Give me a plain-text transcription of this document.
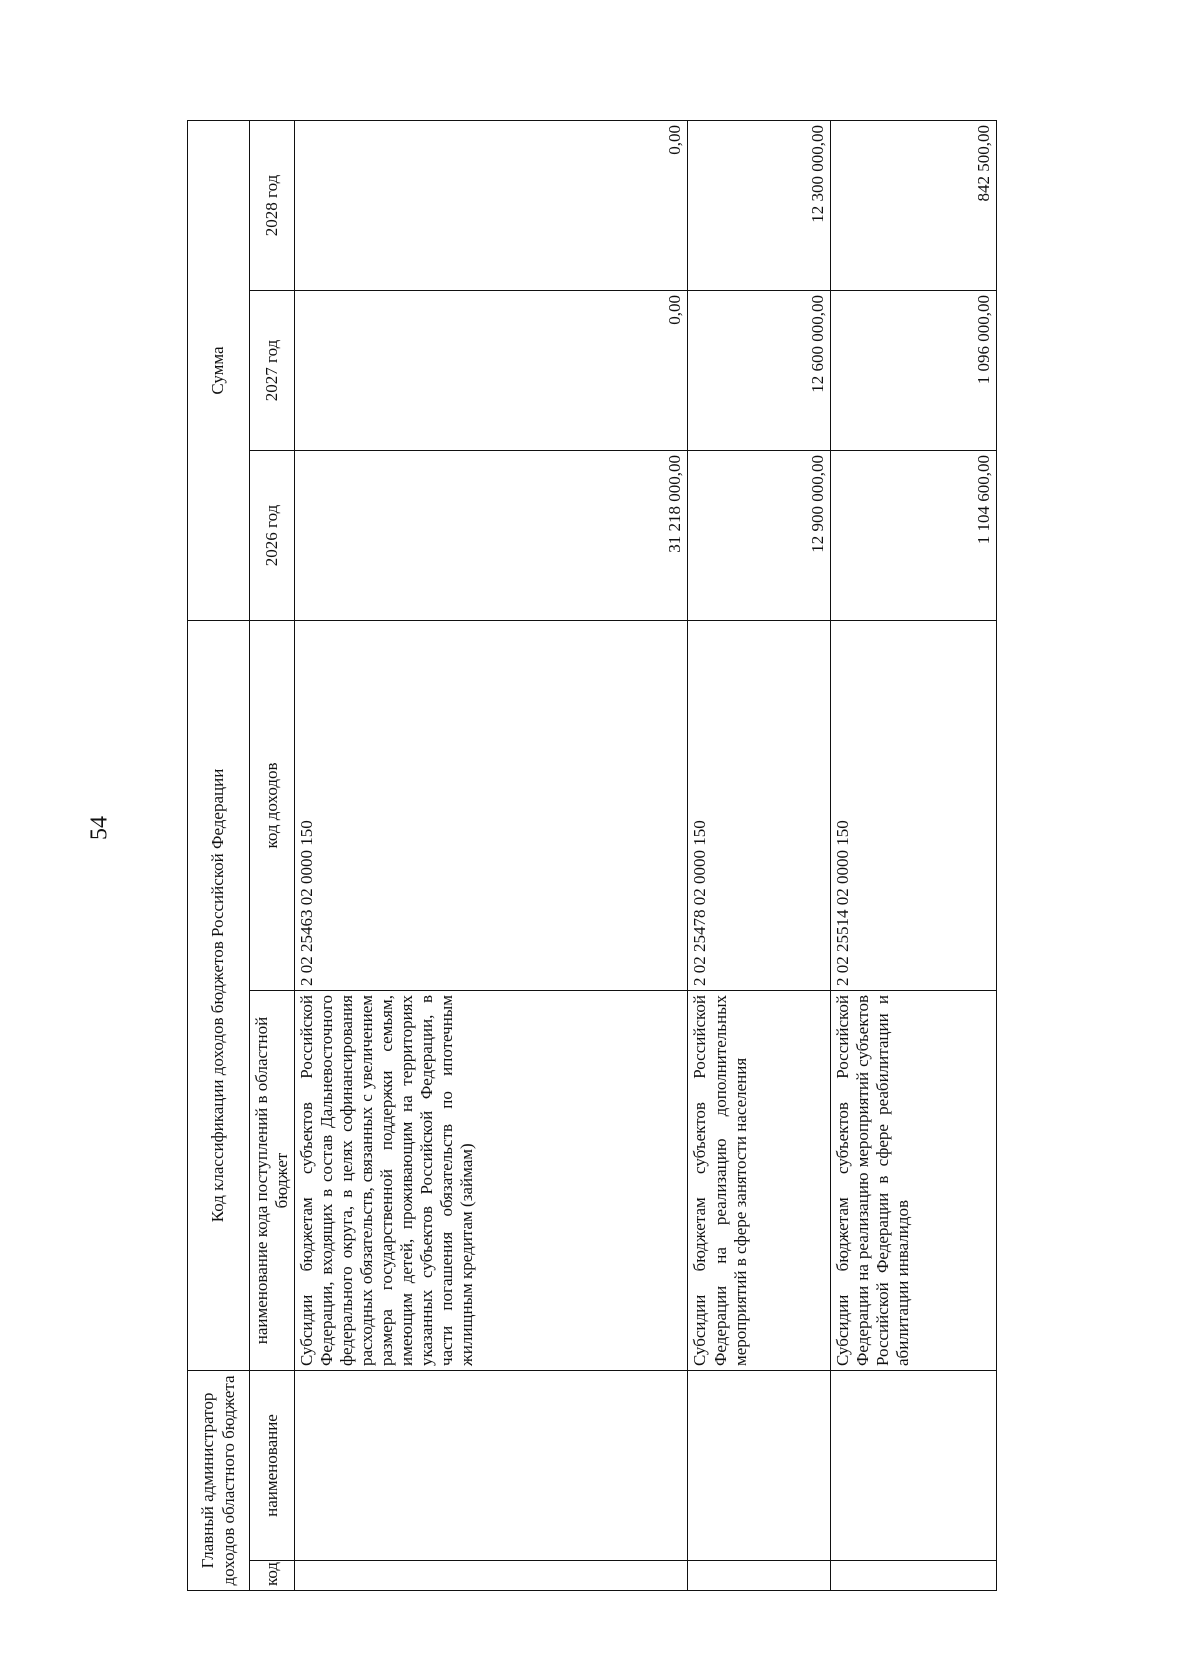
54
Главный администратор доходов областного бюджета		Код классификации доходов бюджетов Российской Федерации		Сумма		
код	наименование	наименование кода поступлений в областной бюджет	код доходов	2026 год	2027 год	2028 год
		Субсидии бюджетам субъектов Российской Федерации, входящих в состав Дальневосточного федерального округа, в целях софинансирования расходных обязательств, связанных с увеличением размера государственной поддержки семьям, имеющим детей, проживающим на территориях указанных субъектов Российской Федерации, в части погашения обязательств по ипотечным жилищным кредитам (займам)	2 02 25463 02 0000 150	31 218 000,00	0,00	0,00
		Субсидии бюджетам субъектов Российской Федерации на реализацию дополнительных мероприятий в сфере занятости населения	2 02 25478 02 0000 150	12 900 000,00	12 600 000,00	12 300 000,00
		Субсидии бюджетам субъектов Российской Федерации на реализацию мероприятий субъектов Российской Федерации в сфере реабилитации и абилитации инвалидов	2 02 25514 02 0000 150	1 104 600,00	1 096 000,00	842 500,00
